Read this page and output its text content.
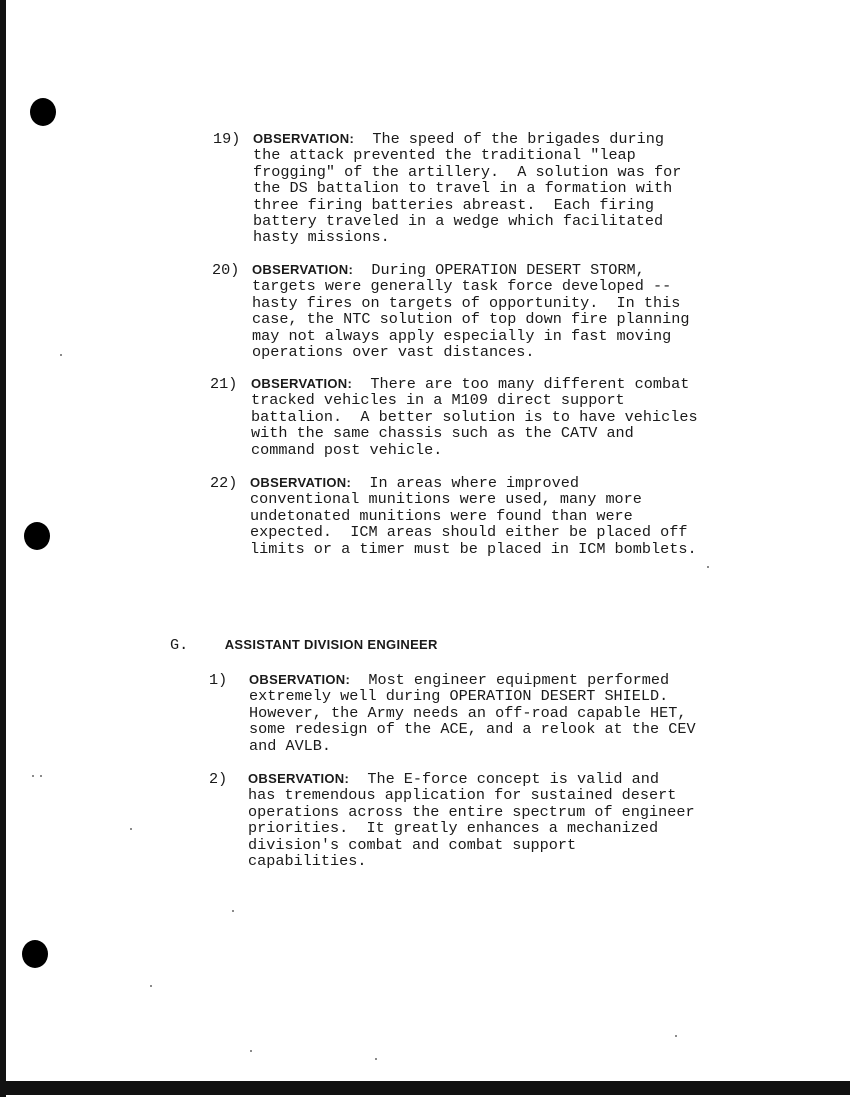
19) OBSERVATION: The speed of the brigades during
the attack prevented the traditional "leap
frogging" of the artillery.  A solution was for
the DS battalion to travel in a formation with
three firing batteries abreast.  Each firing
battery traveled in a wedge which facilitated
hasty missions.
20) OBSERVATION: During OPERATION DESERT STORM,
targets were generally task force developed --
hasty fires on targets of opportunity.  In this
case, the NTC solution of top down fire planning
may not always apply especially in fast moving
operations over vast distances.
21) OBSERVATION: There are too many different combat
tracked vehicles in a M109 direct support
battalion.  A better solution is to have vehicles
with the same chassis such as the CATV and
command post vehicle.
22) OBSERVATION: In areas where improved
conventional munitions were used, many more
undetonated munitions were found than were
expected.  ICM areas should either be placed off
limits or a timer must be placed in ICM bomblets.
G.	ASSISTANT DIVISION ENGINEER
1) OBSERVATION: Most engineer equipment performed
extremely well during OPERATION DESERT SHIELD.
However, the Army needs an off-road capable HET,
some redesign of the ACE, and a relook at the CEV
and AVLB.
2) OBSERVATION: The E-force concept is valid and
has tremendous application for sustained desert
operations across the entire spectrum of engineer
priorities.  It greatly enhances a mechanized
division's combat and combat support
capabilities.
